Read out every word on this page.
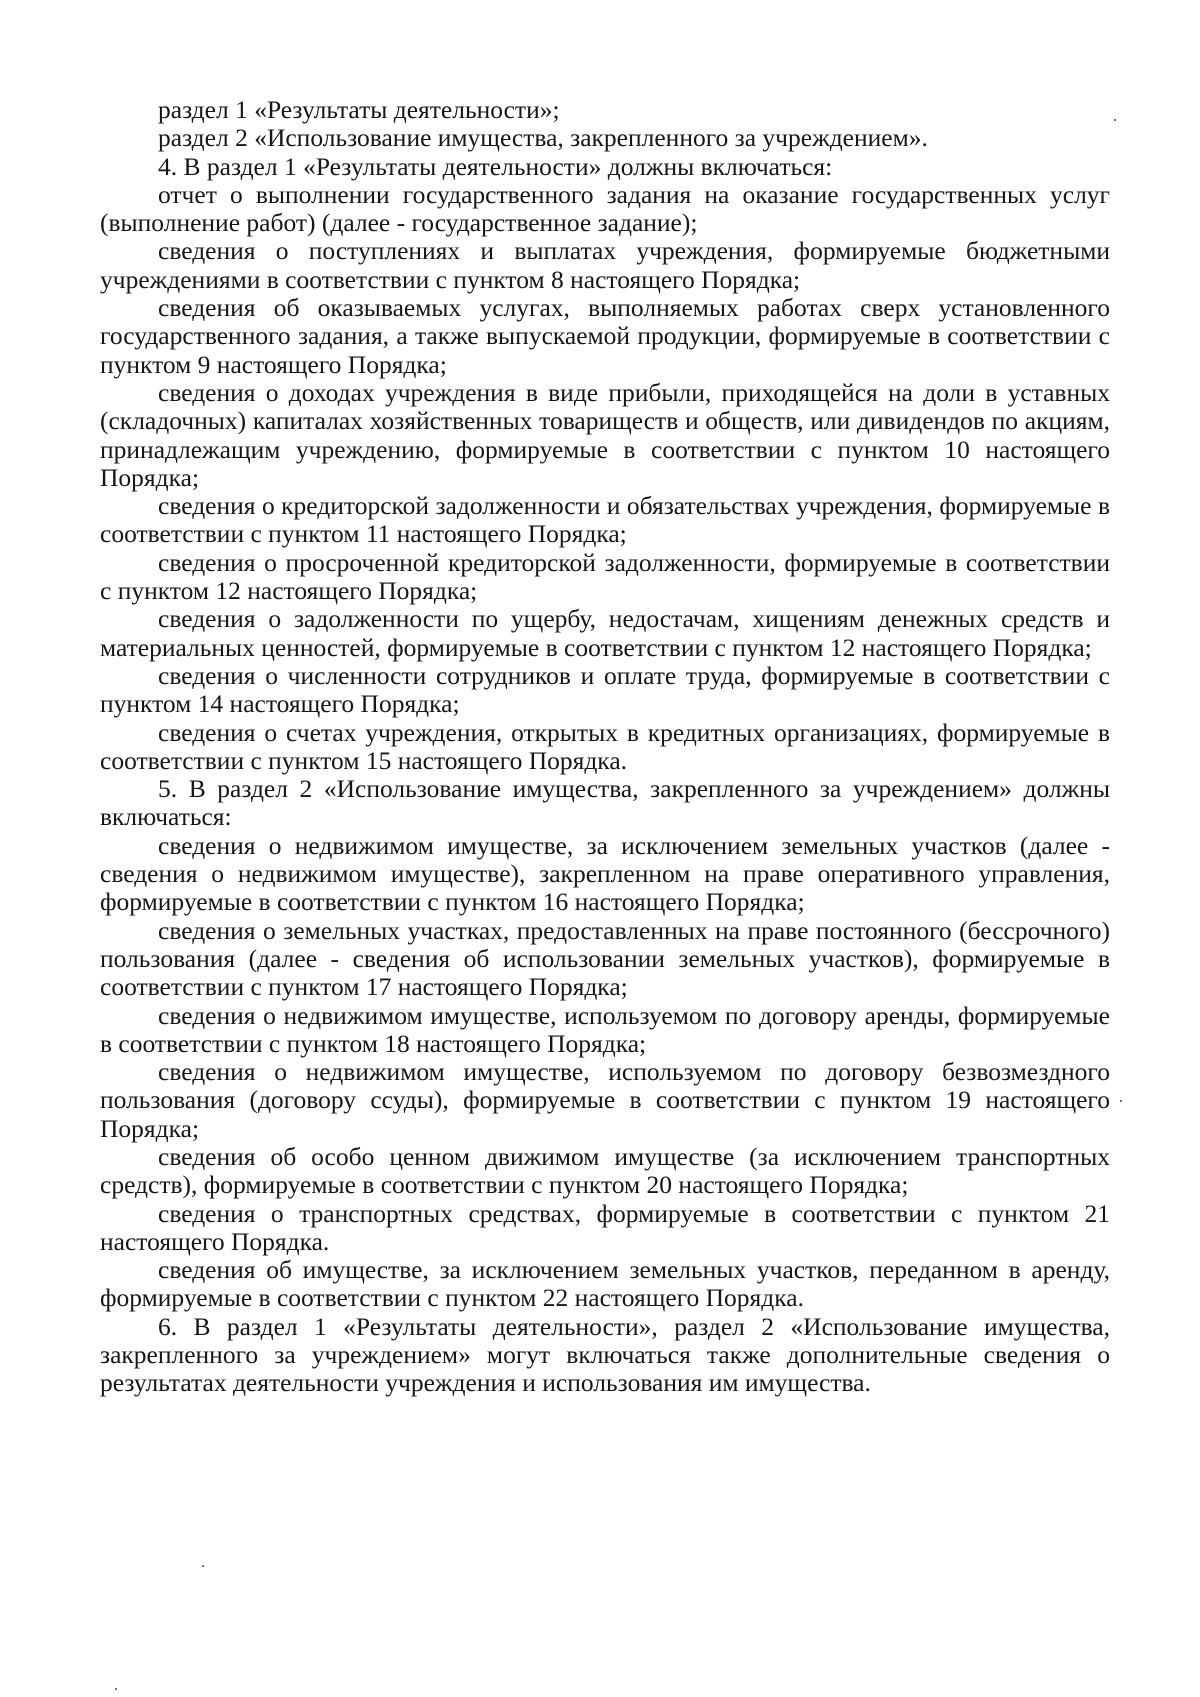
раздел 1 «Результаты деятельности»;

раздел 2 «Использование имущества, закрепленного за учреждением».

4. В раздел 1 «Результаты деятельности» должны включаться:

отчет о выполнении государственного задания на оказание государственных услуг (выполнение работ) (далее - государственное задание);

сведения о поступлениях и выплатах учреждения, формируемые бюджетными учреждениями в соответствии с пунктом 8 настоящего Порядка;

сведения об оказываемых услугах, выполняемых работах сверх установленного государственного задания, а также выпускаемой продукции, формируемые в соответствии с пунктом 9 настоящего Порядка;

сведения о доходах учреждения в виде прибыли, приходящейся на доли в уставных (складочных) капиталах хозяйственных товариществ и обществ, или дивидендов по акциям, принадлежащим учреждению, формируемые в соответствии с пунктом 10 настоящего Порядка;

сведения о кредиторской задолженности и обязательствах учреждения, формируемые в соответствии с пунктом 11 настоящего Порядка;

сведения о просроченной кредиторской задолженности, формируемые в соответствии с пунктом 12 настоящего Порядка;

сведения о задолженности по ущербу, недостачам, хищениям денежных средств и материальных ценностей, формируемые в соответствии с пунктом 12 настоящего Порядка;

сведения о численности сотрудников и оплате труда, формируемые в соответствии с пунктом 14 настоящего Порядка;

сведения о счетах учреждения, открытых в кредитных организациях, формируемые в соответствии с пунктом 15 настоящего Порядка.

5. В раздел 2 «Использование имущества, закрепленного за учреждением» должны включаться:

сведения о недвижимом имуществе, за исключением земельных участков (далее - сведения о недвижимом имуществе), закрепленном на праве оперативного управления, формируемые в соответствии с пунктом 16 настоящего Порядка;

сведения о земельных участках, предоставленных на праве постоянного (бессрочного) пользования (далее - сведения об использовании земельных участков), формируемые в соответствии с пунктом 17 настоящего Порядка;

сведения о недвижимом имуществе, используемом по договору аренды, формируемые в соответствии с пунктом 18 настоящего Порядка;

сведения о недвижимом имуществе, используемом по договору безвозмездного пользования (договору ссуды), формируемые в соответствии с пунктом 19 настоящего Порядка;

сведения об особо ценном движимом имуществе (за исключением транспортных средств), формируемые в соответствии с пунктом 20 настоящего Порядка;

сведения о транспортных средствах, формируемые в соответствии с пунктом 21 настоящего Порядка.

сведения об имуществе, за исключением земельных участков, переданном в аренду, формируемые в соответствии с пунктом 22 настоящего Порядка.

6. В раздел 1 «Результаты деятельности», раздел 2 «Использование имущества, закрепленного за учреждением» могут включаться также дополнительные сведения о результатах деятельности учреждения и использования им имущества.
